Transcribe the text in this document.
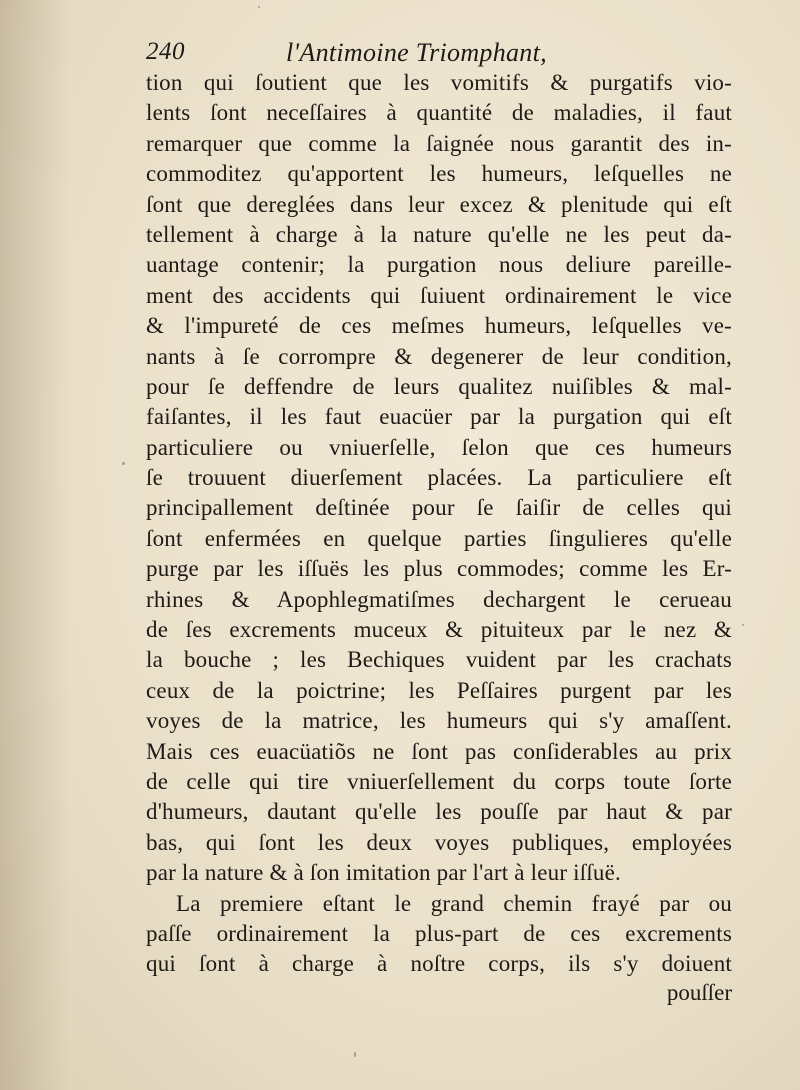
240	l'Antimoine Triomphant,
tion qui ſoutient que les vomitifs & purgatifs vio-
lents ſont neceſſaires à quantité de maladies, il faut
remarquer que comme la ſaignée nous garantit des in-
commoditez qu'apportent les humeurs, leſquelles ne
ſont que dereglées dans leur excez & plenitude qui eſt
tellement à charge à la nature qu'elle ne les peut da-
uantage contenir; la purgation nous deliure pareille-
ment des accidents qui ſuiuent ordinairement le vice
& l'impureté de ces meſmes humeurs, leſquelles ve-
nants à ſe corrompre & degenerer de leur condition,
pour ſe deffendre de leurs qualitez nuiſibles & mal-
faiſantes, il les faut euacüer par la purgation qui eſt
particuliere ou vniuerſelle, ſelon que ces humeurs
ſe trouuent diuerſement placées. La particuliere eſt
principallement deſtinée pour ſe ſaiſir de celles qui
ſont enfermées en quelque parties ſingulieres qu'elle
purge par les iſſuës les plus commodes; comme les Er-
rhines & Apophlegmatiſmes dechargent le cerueau
de ſes excrements muceux & pituiteux par le nez &
la bouche ; les Bechiques vuident par les crachats
ceux de la poictrine; les Peſſaires purgent par les
voyes de la matrice, les humeurs qui s'y amaſſent.
Mais ces euacüatiõs ne ſont pas conſiderables au prix
de celle qui tire vniuerſellement du corps toute ſorte
d'humeurs, dautant qu'elle les pouſſe par haut & par
bas, qui ſont les deux voyes publiques, employées
par la nature & à ſon imitation par l'art à leur iſſuë.
La premiere eſtant le grand chemin frayé par ou
paſſe ordinairement la plus-part de ces excrements
qui ſont à charge à noſtre corps, ils s'y doiuent
pouſſer
